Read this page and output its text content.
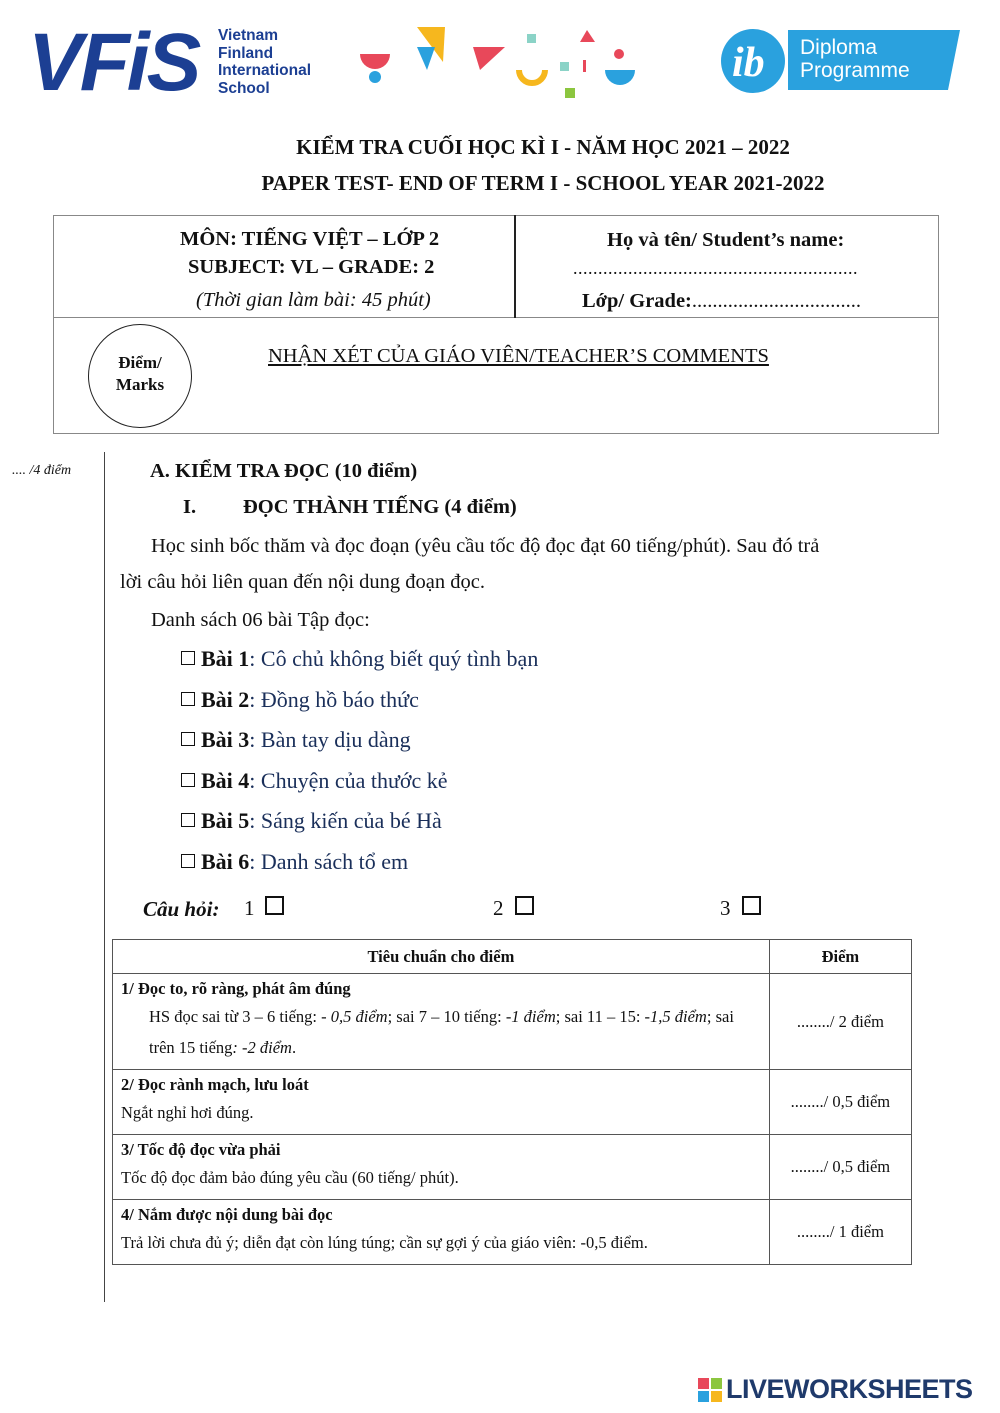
VFiS Vietnam
Finland
International
School
ib Diploma
Programme
KIỂM TRA CUỐI HỌC KÌ I - NĂM HỌC 2021 – 2022
PAPER TEST- END OF TERM I - SCHOOL YEAR 2021-2022
MÔN: TIẾNG VIỆT – LỚP 2
SUBJECT: VL – GRADE: 2
(Thời gian làm bài: 45 phút)
Họ và tên/ Student’s name:
.........................................................
Lớp/ Grade:.................................
Điểm/
Marks
NHẬN XÉT CỦA GIÁO VIÊN/TEACHER’S COMMENTS
.... /4 điểm	A. KIỂM TRA ĐỌC (10 điểm)
I. ĐỌC THÀNH TIẾNG (4 điểm)
Học sinh bốc thăm và đọc đoạn (yêu cầu tốc độ đọc đạt 60 tiếng/phút). Sau đó trả
lời câu hỏi liên quan đến nội dung đoạn đọc.
Danh sách 06 bài Tập đọc:
Bài 1: Cô chủ không biết quý tình bạn
Bài 2: Đồng hồ báo thức
Bài 3: Bàn tay dịu dàng
Bài 4: Chuyện của thước kẻ
Bài 5: Sáng kiến của bé Hà
Bài 6: Danh sách tổ em
Câu hỏi: 1	2	3
Tiêu chuẩn cho điểm	Điểm

1/ Đọc to, rõ ràng, phát âm đúng
HS đọc sai từ 3 – 6 tiếng: - 0,5 điểm; sai 7 – 10 tiếng: -1 điểm; sai 11 – 15: -1,5 điểm; sai trên 15 tiếng: -2 điểm.	......../ 2 điểm

2/ Đọc rành mạch, lưu loát
Ngắt nghỉ hơi đúng.	......../ 0,5 điểm

3/ Tốc độ đọc vừa phải
Tốc độ đọc đảm bảo đúng yêu cầu (60 tiếng/ phút).	......../ 0,5 điểm

4/ Nắm được nội dung bài đọc
Trả lời chưa đủ ý; diễn đạt còn lúng túng; cần sự gợi ý của giáo viên: -0,5 điểm.	......../ 1 điểm
LIVEWORKSHEETS
